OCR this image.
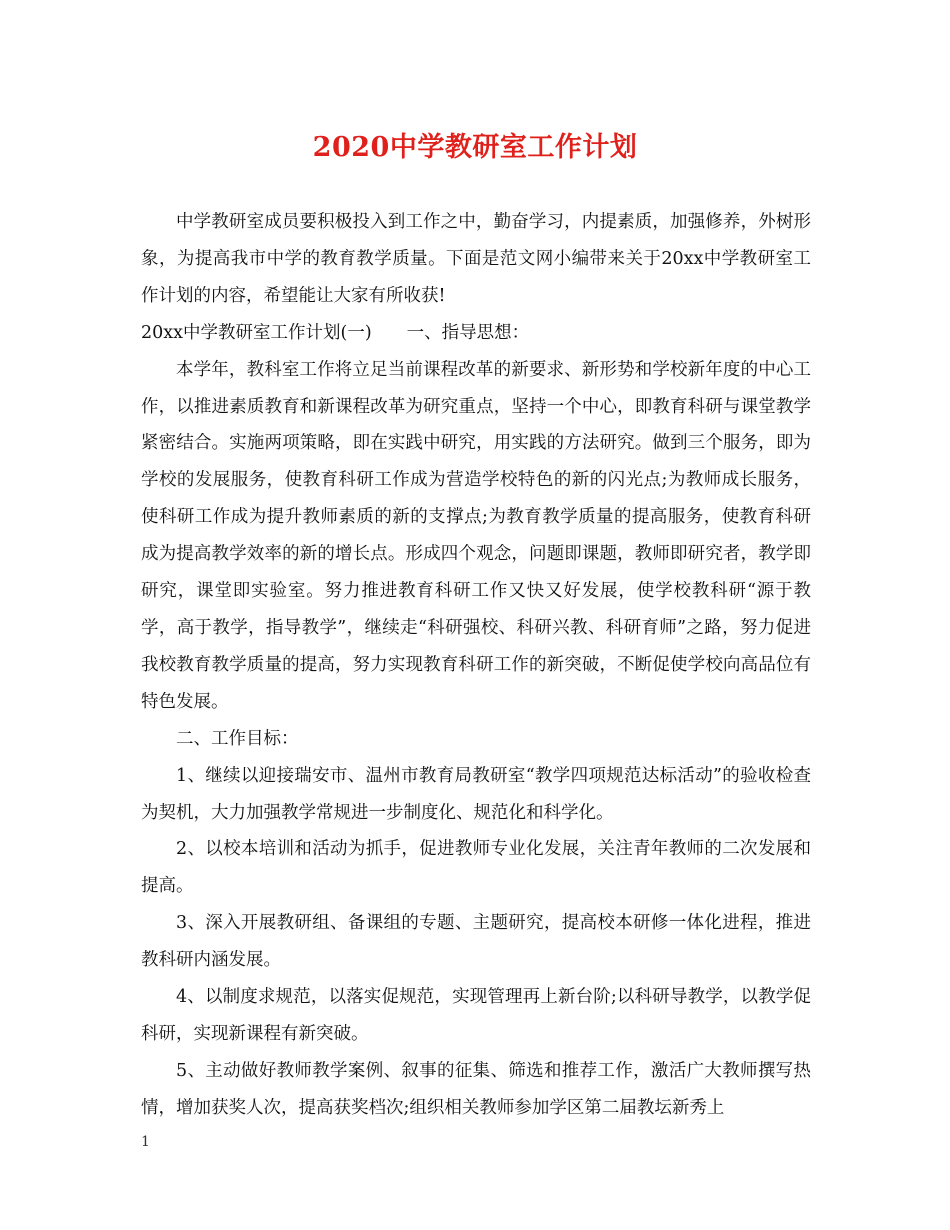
2020中学教研室工作计划

中学教研室成员要积极投入到工作之中，勤奋学习，内提素质，加强修养，外树形象，为提高我市中学的教育教学质量。下面是范文网小编带来关于20xx中学教研室工作计划的内容，希望能让大家有所收获!

20xx中学教研室工作计划(一)　　一、指导思想：

本学年，教科室工作将立足当前课程改革的新要求、新形势和学校新年度的中心工作，以推进素质教育和新课程改革为研究重点，坚持一个中心，即教育科研与课堂教学紧密结合。实施两项策略，即在实践中研究，用实践的方法研究。做到三个服务，即为学校的发展服务，使教育科研工作成为营造学校特色的新的闪光点;为教师成长服务，使科研工作成为提升教师素质的新的支撑点;为教育教学质量的提高服务，使教育科研成为提高教学效率的新的增长点。形成四个观念，问题即课题，教师即研究者，教学即研究，课堂即实验室。努力推进教育科研工作又快又好发展，使学校教科研“源于教学，高于教学，指导教学”，继续走“科研强校、科研兴教、科研育师”之路，努力促进我校教育教学质量的提高，努力实现教育科研工作的新突破，不断促使学校向高品位有特色发展。

二、工作目标：

1、继续以迎接瑞安市、温州市教育局教研室“教学四项规范达标活动”的验收检查为契机，大力加强教学常规进一步制度化、规范化和科学化。

2、以校本培训和活动为抓手，促进教师专业化发展，关注青年教师的二次发展和提高。

3、深入开展教研组、备课组的专题、主题研究，提高校本研修一体化进程，推进教科研内涵发展。

4、以制度求规范，以落实促规范，实现管理再上新台阶;以科研导教学，以教学促科研，实现新课程有新突破。

5、主动做好教师教学案例、叙事的征集、筛选和推荐工作，激活广大教师撰写热情，增加获奖人次，提高获奖档次;组织相关教师参加学区第二届教坛新秀上

1
